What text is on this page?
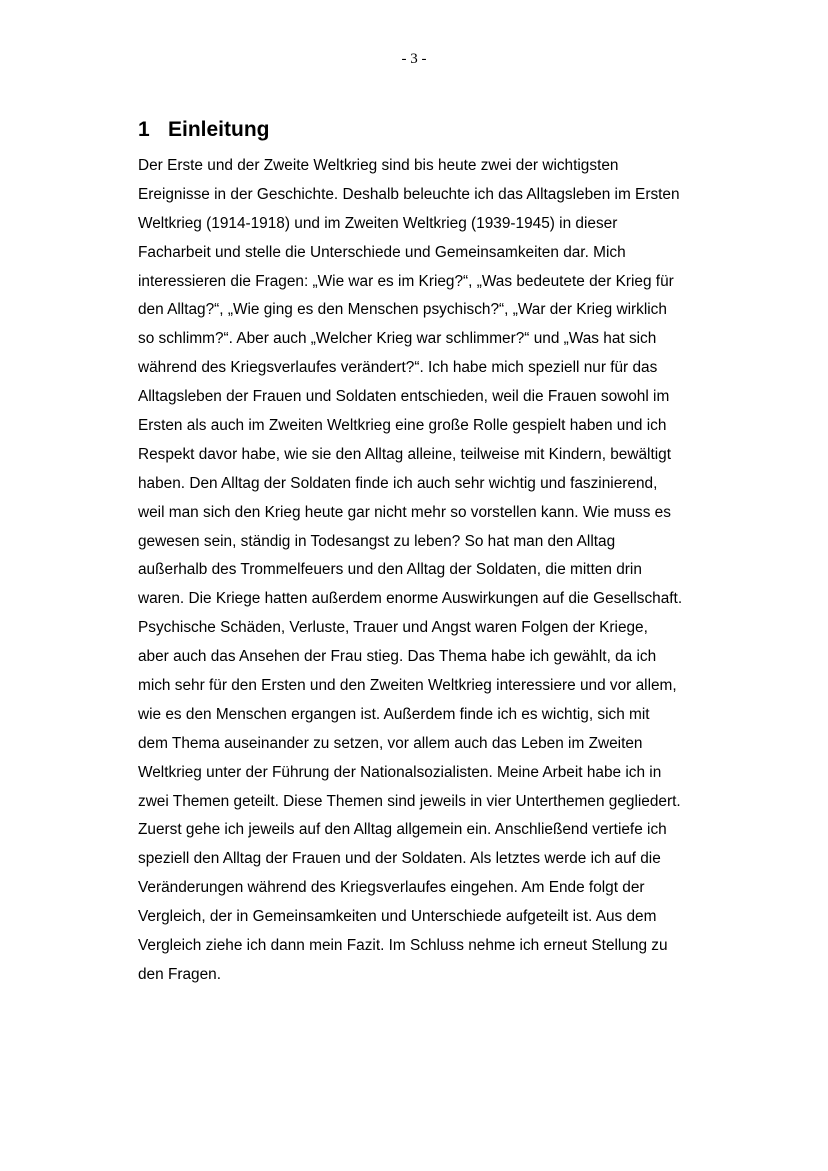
- 3 -
1 Einleitung
Der Erste und der Zweite Weltkrieg sind bis heute zwei der wichtigsten
Ereignisse in der Geschichte. Deshalb beleuchte ich das Alltagsleben im Ersten
Weltkrieg (1914-1918) und im Zweiten Weltkrieg (1939-1945) in dieser
Facharbeit und stelle die Unterschiede und Gemeinsamkeiten dar. Mich
interessieren die Fragen: „Wie war es im Krieg?“, „Was bedeutete der Krieg für
den Alltag?“, „Wie ging es den Menschen psychisch?“, „War der Krieg wirklich
so schlimm?“. Aber auch „Welcher Krieg war schlimmer?“ und „Was hat sich
während des Kriegsverlaufes verändert?“. Ich habe mich speziell nur für das
Alltagsleben der Frauen und Soldaten entschieden, weil die Frauen sowohl im
Ersten als auch im Zweiten Weltkrieg eine große Rolle gespielt haben und ich
Respekt davor habe, wie sie den Alltag alleine, teilweise mit Kindern, bewältigt
haben. Den Alltag der Soldaten finde ich auch sehr wichtig und faszinierend,
weil man sich den Krieg heute gar nicht mehr so vorstellen kann. Wie muss es
gewesen sein, ständig in Todesangst zu leben? So hat man den Alltag
außerhalb des Trommelfeuers und den Alltag der Soldaten, die mitten drin
waren. Die Kriege hatten außerdem enorme Auswirkungen auf die Gesellschaft.
Psychische Schäden, Verluste, Trauer und Angst waren Folgen der Kriege,
aber auch das Ansehen der Frau stieg. Das Thema habe ich gewählt, da ich
mich sehr für den Ersten und den Zweiten Weltkrieg interessiere und vor allem,
wie es den Menschen ergangen ist. Außerdem finde ich es wichtig, sich mit
dem Thema auseinander zu setzen, vor allem auch das Leben im Zweiten
Weltkrieg unter der Führung der Nationalsozialisten. Meine Arbeit habe ich in
zwei Themen geteilt. Diese Themen sind jeweils in vier Unterthemen gegliedert.
Zuerst gehe ich jeweils auf den Alltag allgemein ein. Anschließend vertiefe ich
speziell den Alltag der Frauen und der Soldaten. Als letztes werde ich auf die
Veränderungen während des Kriegsverlaufes eingehen. Am Ende folgt der
Vergleich, der in Gemeinsamkeiten und Unterschiede aufgeteilt ist. Aus dem
Vergleich ziehe ich dann mein Fazit. Im Schluss nehme ich erneut Stellung zu
den Fragen.
